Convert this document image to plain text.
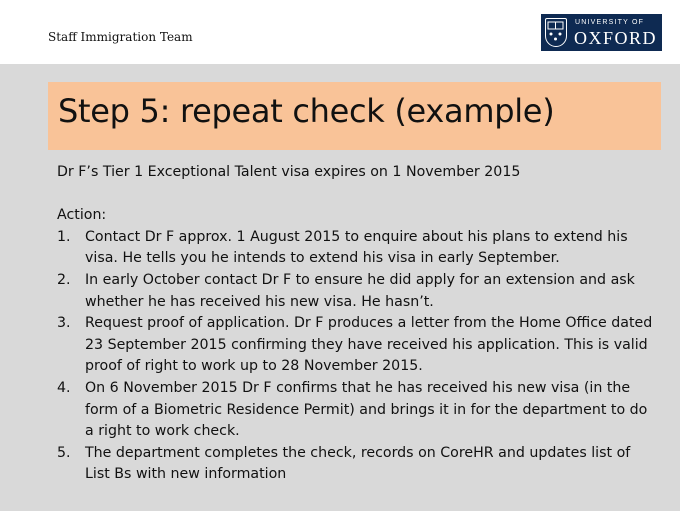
Staff Immigration Team
UNIVERSITY OF
OXFORD
Step 5: repeat check (example)
Dr F’s Tier 1 Exceptional Talent visa expires on 1 November 2015
Action:
1. Contact Dr F approx. 1 August 2015 to enquire about his plans to extend his visa. He tells you he intends to extend his visa in early September.
2. In early October contact Dr F to ensure he did apply for an extension and ask whether he has received his new visa. He hasn’t.
3. Request proof of application. Dr F produces a letter from the Home Office dated 23 September 2015 confirming they have received his application. This is valid proof of right to work up to 28 November 2015.
4. On 6 November 2015 Dr F confirms that he has received his new visa (in the form of a Biometric Residence Permit) and brings it in for the department to do a right to work check.
5. The department completes the check, records on CoreHR and updates list of List Bs with new information
